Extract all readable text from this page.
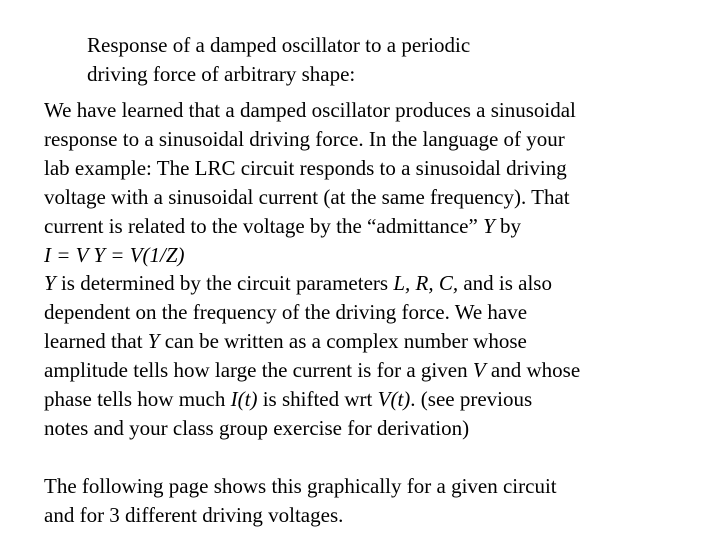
Response of a damped oscillator to a periodic
driving force of arbitrary shape:
We have learned that a damped oscillator produces a sinusoidal
response to a sinusoidal driving force. In the language of your
lab example: The LRC circuit responds to a sinusoidal driving
voltage with a sinusoidal current (at the same frequency). That
current is related to the voltage by the “admittance” Y by
I = V Y = V(1/Z)
Y is determined by the circuit parameters L, R, C, and is also
dependent on the frequency of the driving force. We have
learned that Y can be written as a complex number whose
amplitude tells how large the current is for a given V and whose
phase tells how much I(t) is shifted wrt V(t). (see previous
notes and your class group exercise for derivation)
The following page shows this graphically for a given circuit
and for 3 different driving voltages.
